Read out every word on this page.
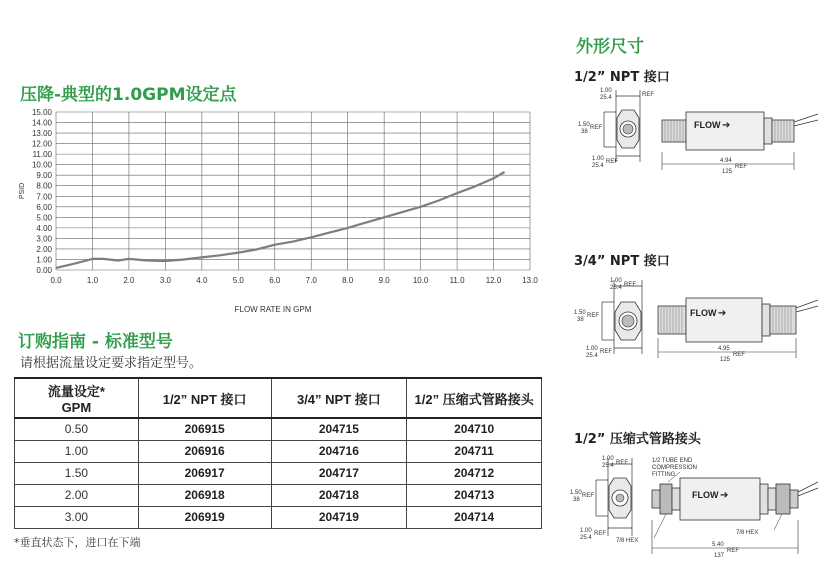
压降-典型的1.0GPM设定点
0.00
1.00
2.00
3.00
4.00
5.00
6.00
7.00
8.00
9.00
10.00
11.00
12.00
13.00
14.00
15.00
0.0	1.0	2.0	3.0	4.0	5.0	6.0	7.0	8.0	9.0	10.0	11.0	12.0	13.0
PSID
FLOW RATE IN GPM
订购指南 - 标准型号
请根据流量设定要求指定型号。
流量设定*
GPM	1/2” NPT 接口	3/4” NPT 接口	1/2” 压缩式管路接头
0.50	206915	204715	204710
1.00	206916	204716	204711
1.50	206917	204717	204712
2.00	206918	204718	204713
3.00	206919	204719	204714
*垂直状态下，进口在下端
外形尺寸
1/2” NPT 接口
FLOW ➔
1.00
25.4	REF
1.50
38
REF
1.00
25.4
REF	4.94
125
REF
3/4” NPT 接口
FLOW ➔
1.00
25.4 REF
1.50
38
REF
1.00
25.4
REF	4.95
125
REF
1/2” 压缩式管路接头
FLOW ➔
1/2 TUBE END
COMPRESSION
FITTING
1.00
25.4 REF
1.50
38
REF
1.00
25.4
REF
7/8 HEX
7/8 HEX
5.40
137
REF
